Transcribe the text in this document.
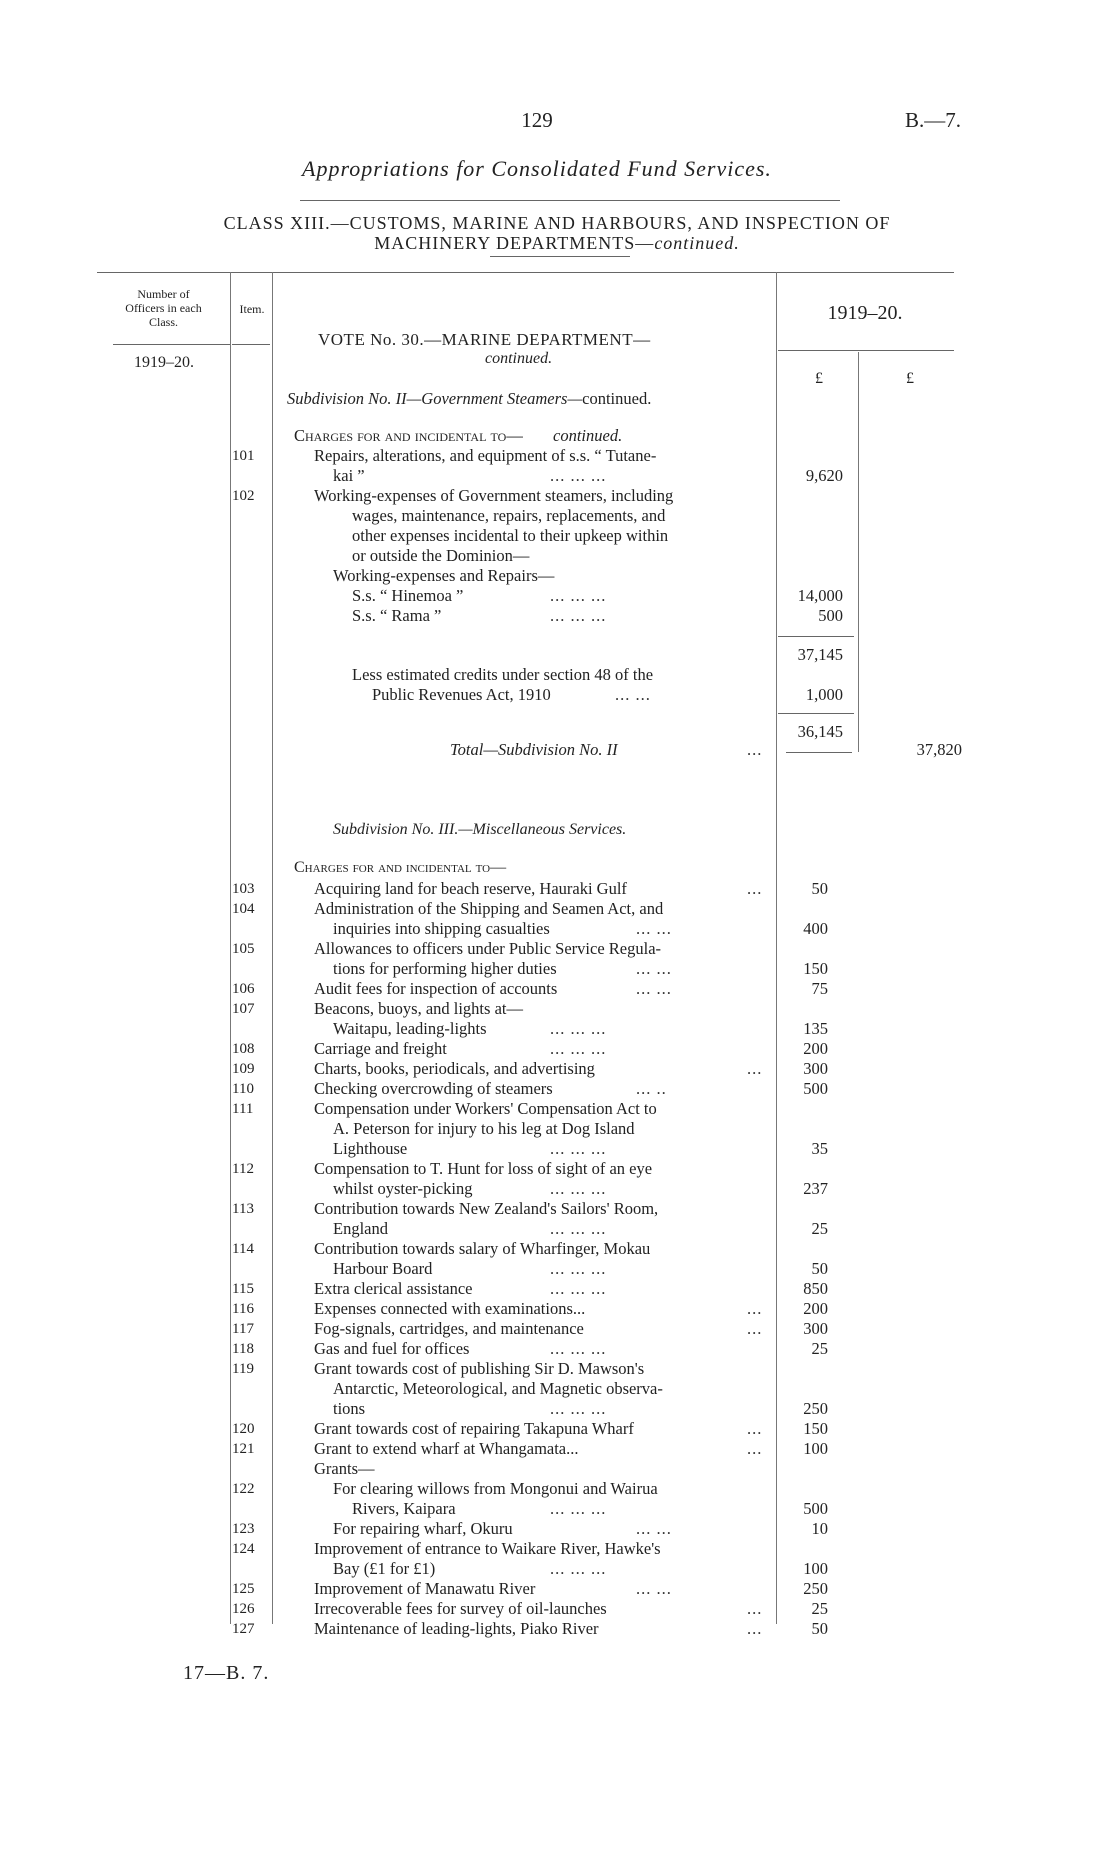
129	B.—7.
Appropriations for Consolidated Fund Services.
CLASS XIII.—CUSTOMS, MARINE AND HARBOURS, AND INSPECTION OF
MACHINERY DEPARTMENTS—continued.
Number of
Officers in each
Class.
Item.
1919–20.
1919–20.
£	£
VOTE No. 30.—MARINE DEPARTMENT—
continued.
Subdivision No. II—Government Steamers—continued.
Charges for and incidental to— continued.
101	Repairs, alterations, and equipment of s.s. “ Tutane-
kai ”	... ... ...	9,620
102	Working-expenses of Government steamers, including
wages, maintenance, repairs, replacements, and
other expenses incidental to their upkeep within
or outside the Dominion—
Working-expenses and Repairs—
S.s. “ Hinemoa ”	... ... ...	14,000
S.s. “ Rama ”	... ... ...	500
37,145
Less estimated credits under section 48 of the
Public Revenues Act, 1910	... ...	1,000
36,145
Total—Subdivision No. II	...	37,820
Subdivision No. III.—Miscellaneous Services.
Charges for and incidental to—
103	Acquiring land for beach reserve, Hauraki Gulf	...	50
104	Administration of the Shipping and Seamen Act, and
inquiries into shipping casualties	... ...	400
105	Allowances to officers under Public Service Regula-
tions for performing higher duties	... ...	150
106	Audit fees for inspection of accounts	... ...	75
107	Beacons, buoys, and lights at—
Waitapu, leading-lights	... ... ...	135
108	Carriage and freight	... ... ...	200
109	Charts, books, periodicals, and advertising	... 300
110	Checking overcrowding of steamers	... ..	500
111	Compensation under Workers' Compensation Act to
A. Peterson for injury to his leg at Dog Island
Lighthouse	... ... ...	35
112	Compensation to T. Hunt for loss of sight of an eye
whilst oyster-picking	... ... ...	237
113	Contribution towards New Zealand's Sailors' Room,
England	... ... ...	25
114	Contribution towards salary of Wharfinger, Mokau
Harbour Board	... ... ...	50
115	Extra clerical assistance	... ... ...	850
116	Expenses connected with examinations...	... 200
117	Fog-signals, cartridges, and maintenance	... 300
118	Gas and fuel for offices	... ... ...	25
119	Grant towards cost of publishing Sir D. Mawson's
Antarctic, Meteorological, and Magnetic observa-
tions	... ... ...	250
120	Grant towards cost of repairing Takapuna Wharf	... 150
121	Grant to extend wharf at Whangamata...	... 100
Grants—
122	For clearing willows from Mongonui and Wairua
Rivers, Kaipara	... ... ...	500
123	For repairing wharf, Okuru	... ...	10
124	Improvement of entrance to Waikare River, Hawke's
Bay (£1 for £1)	... ... ...	100
125	Improvement of Manawatu River	... ...	250
126	Irrecoverable fees for survey of oil-launches	...	25
127	Maintenance of leading-lights, Piako River	...	50
17—B. 7.
